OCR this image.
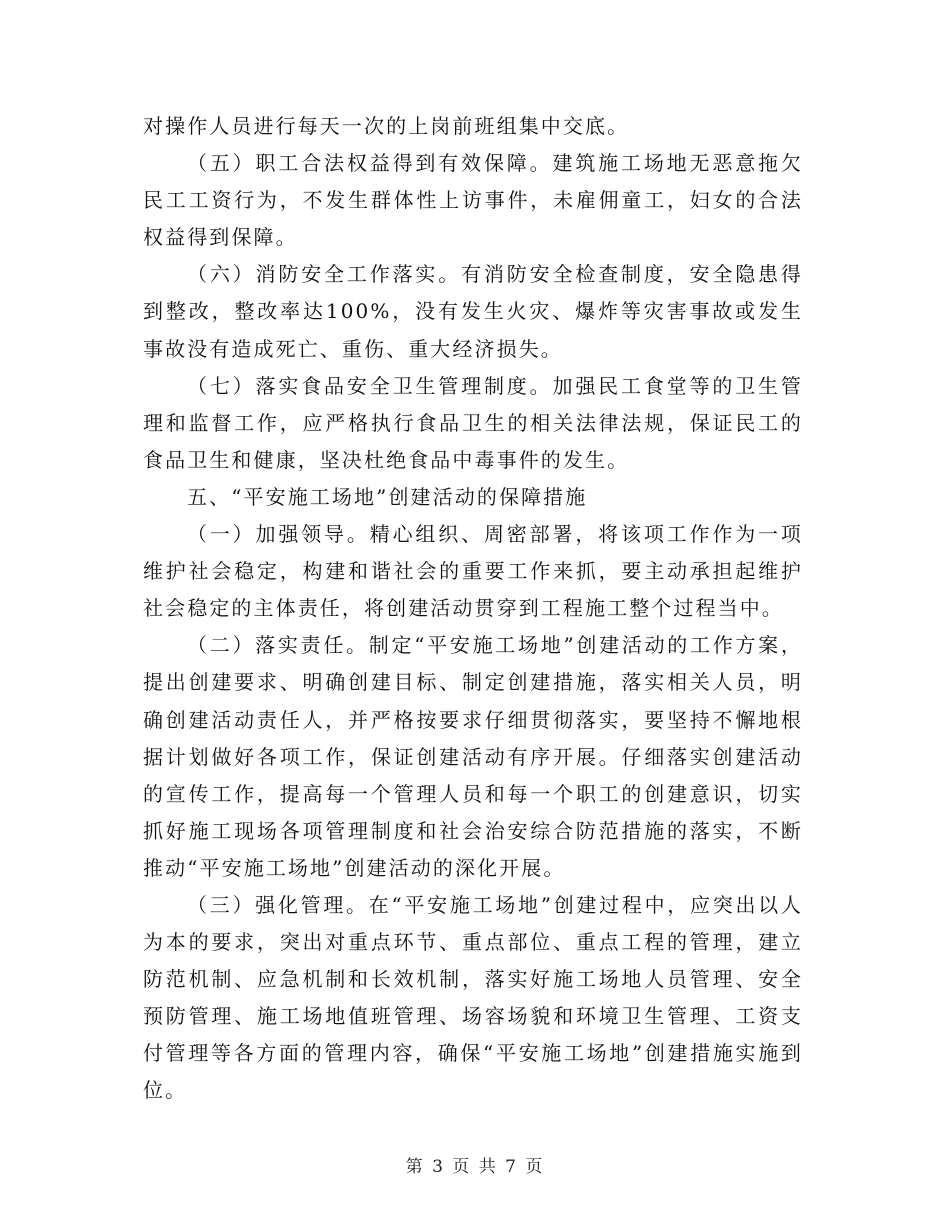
对操作人员进行每天一次的上岗前班组集中交底。

（五）职工合法权益得到有效保障。建筑施工场地无恶意拖欠民工工资行为，不发生群体性上访事件，未雇佣童工，妇女的合法权益得到保障。

（六）消防安全工作落实。有消防安全检查制度，安全隐患得到整改，整改率达100%，没有发生火灾、爆炸等灾害事故或发生事故没有造成死亡、重伤、重大经济损失。

（七）落实食品安全卫生管理制度。加强民工食堂等的卫生管理和监督工作，应严格执行食品卫生的相关法律法规，保证民工的食品卫生和健康，坚决杜绝食品中毒事件的发生。

五、“平安施工场地”创建活动的保障措施

（一）加强领导。精心组织、周密部署，将该项工作作为一项维护社会稳定，构建和谐社会的重要工作来抓，要主动承担起维护社会稳定的主体责任，将创建活动贯穿到工程施工整个过程当中。

（二）落实责任。制定“平安施工场地”创建活动的工作方案，提出创建要求、明确创建目标、制定创建措施，落实相关人员，明确创建活动责任人，并严格按要求仔细贯彻落实，要坚持不懈地根据计划做好各项工作，保证创建活动有序开展。仔细落实创建活动的宣传工作，提高每一个管理人员和每一个职工的创建意识，切实抓好施工现场各项管理制度和社会治安综合防范措施的落实，不断推动“平安施工场地”创建活动的深化开展。

（三）强化管理。在“平安施工场地”创建过程中，应突出以人为本的要求，突出对重点环节、重点部位、重点工程的管理，建立防范机制、应急机制和长效机制，落实好施工场地人员管理、安全预防管理、施工场地值班管理、场容场貌和环境卫生管理、工资支付管理等各方面的管理内容，确保“平安施工场地”创建措施实施到位。

第 3 页 共 7 页
